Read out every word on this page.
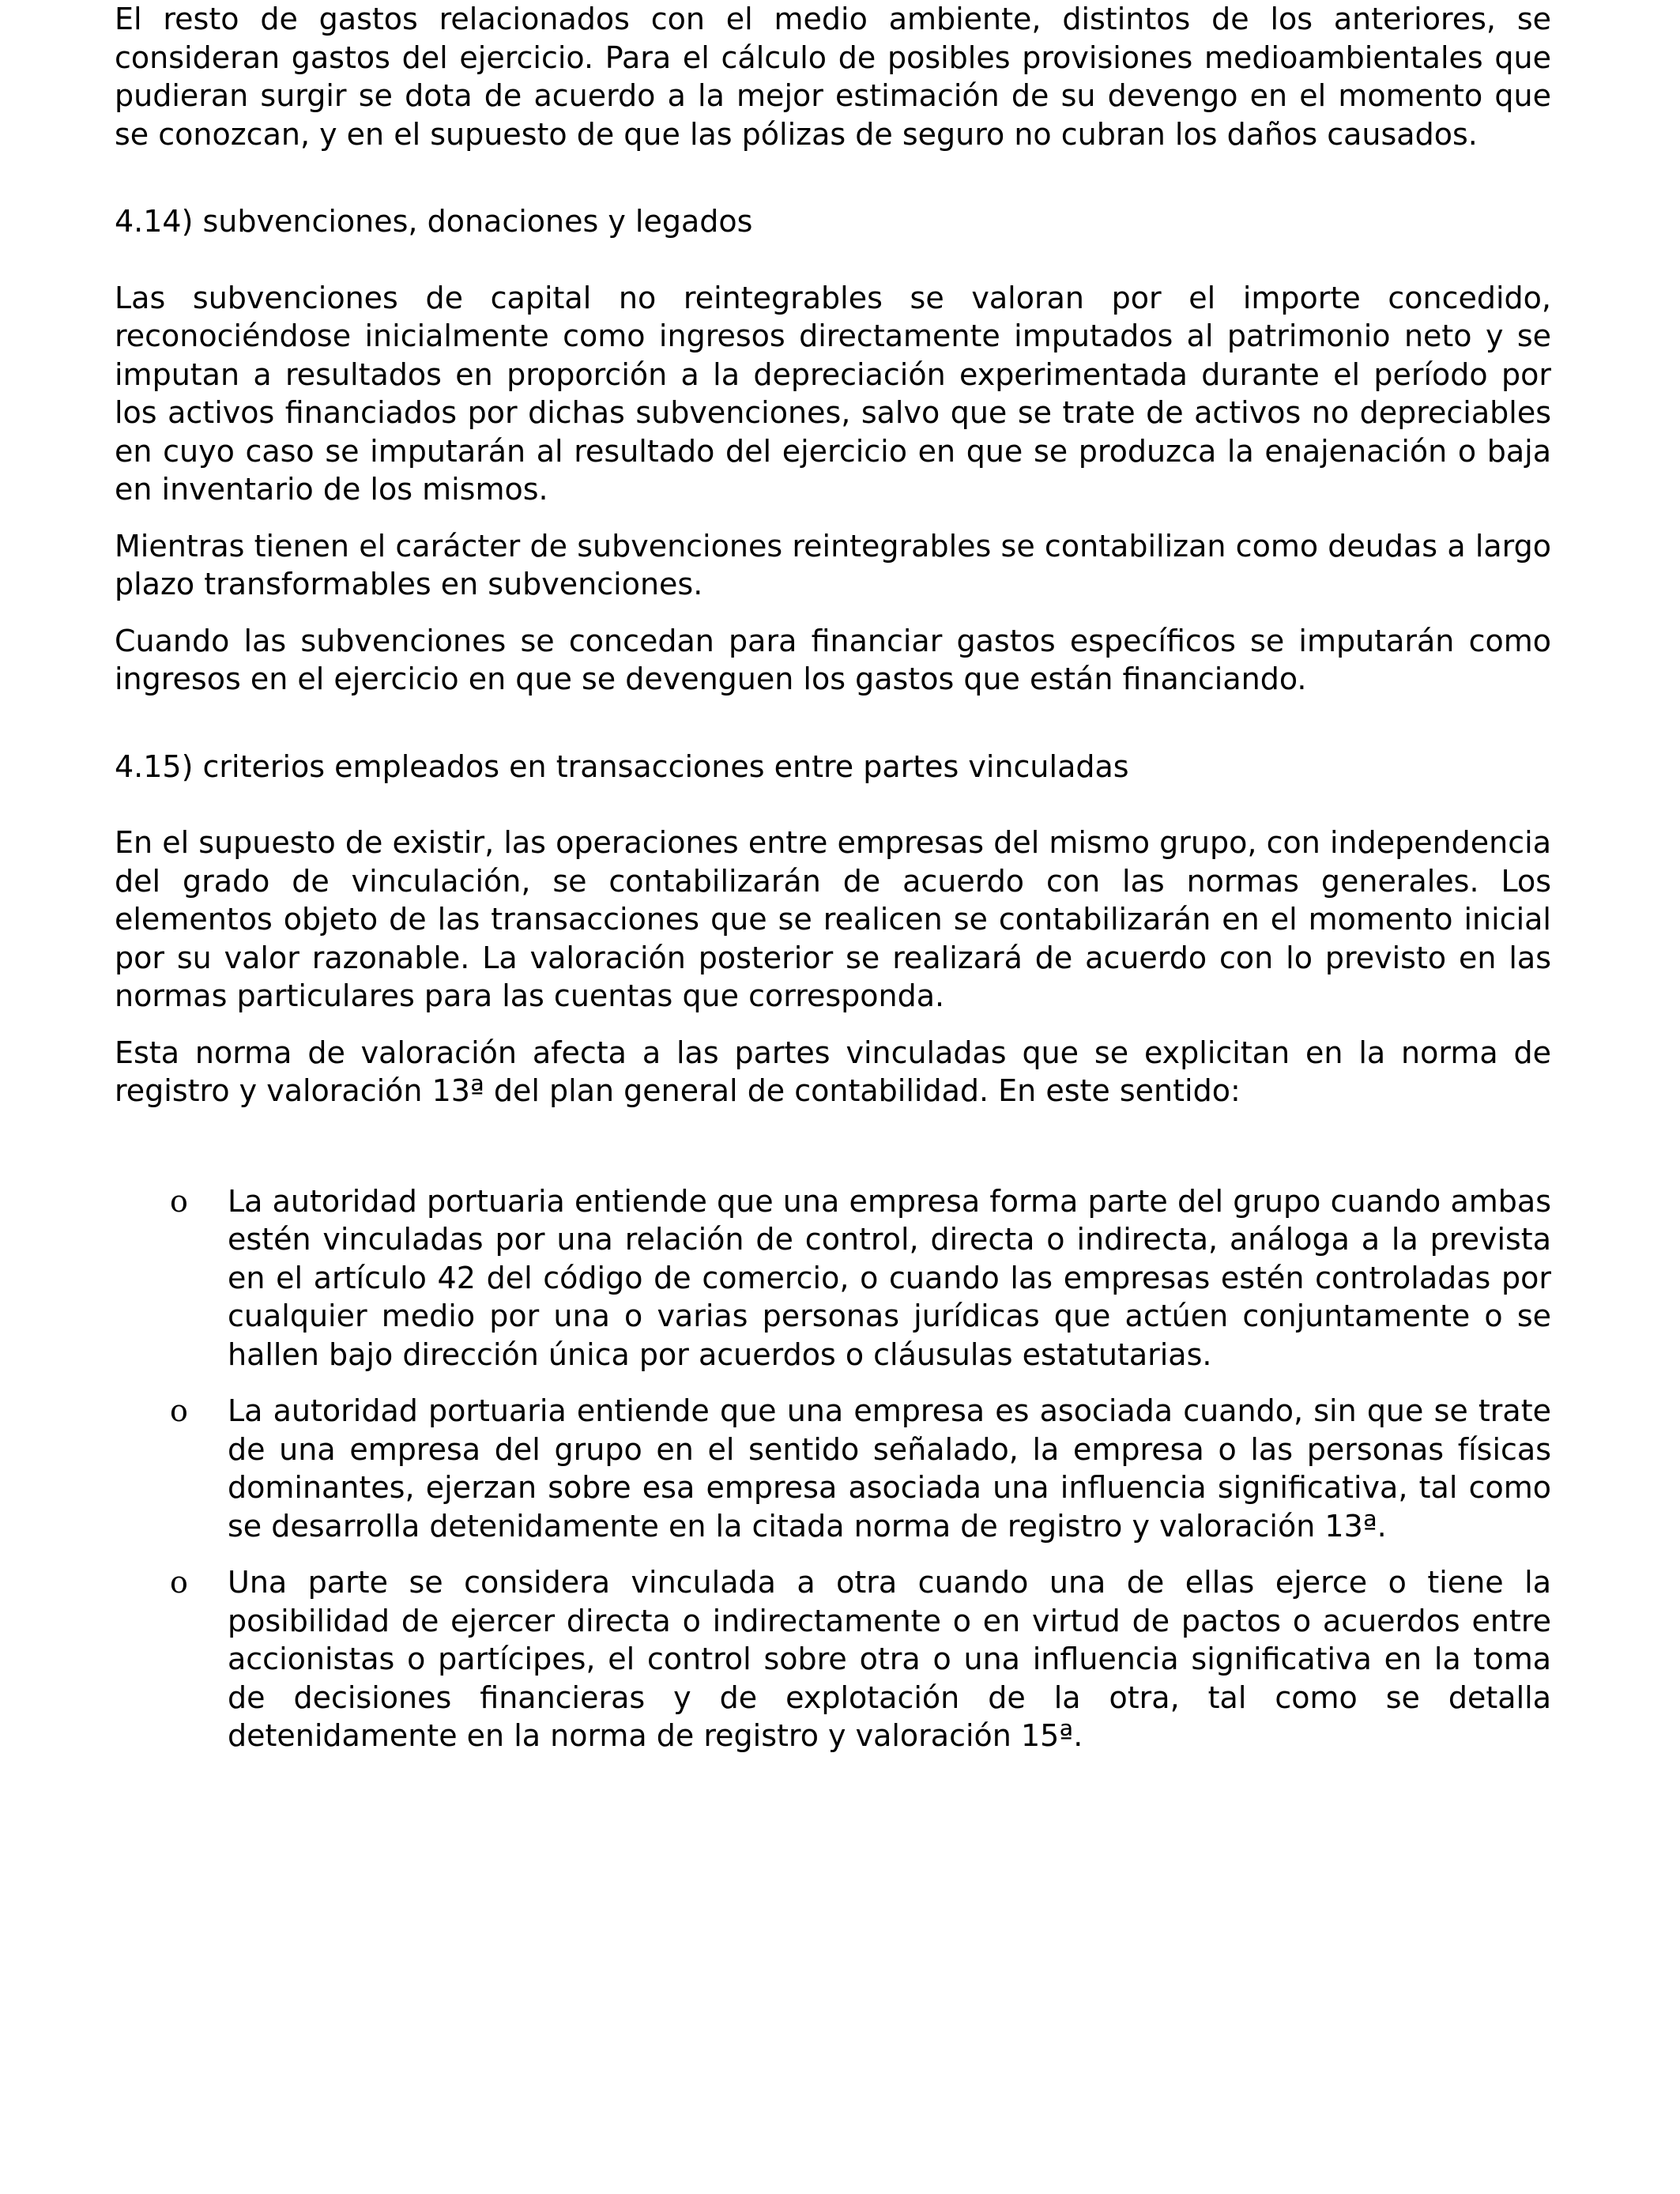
El resto de gastos relacionados con el medio ambiente, distintos de los anteriores, se consideran gastos del ejercicio. Para el cálculo de posibles provisiones medioambientales que pudieran surgir se dota de acuerdo a la mejor estimación de su devengo en el momento que se conozcan, y en el supuesto de que las pólizas de seguro no cubran los daños causados.

4.14) subvenciones, donaciones y legados

Las subvenciones de capital no reintegrables se valoran por el importe concedido, reconociéndose inicialmente como ingresos directamente imputados al patrimonio neto y se imputan a resultados en proporción a la depreciación experimentada durante el período por los activos financiados por dichas subvenciones, salvo que se trate de activos no depreciables en cuyo caso se imputarán al resultado del ejercicio en que se produzca la enajenación o baja en inventario de los mismos.

Mientras tienen el carácter de subvenciones reintegrables se contabilizan como deudas a largo plazo transformables en subvenciones.

Cuando las subvenciones se concedan para financiar gastos específicos se imputarán como ingresos en el ejercicio en que se devenguen los gastos que están financiando.

4.15) criterios empleados en transacciones entre partes vinculadas

En el supuesto de existir, las operaciones entre empresas del mismo grupo, con independencia del grado de vinculación, se contabilizarán de acuerdo con las normas generales. Los elementos objeto de las transacciones que se realicen se contabilizarán en el momento inicial por su valor razonable. La valoración posterior se realizará de acuerdo con lo previsto en las normas particulares para las cuentas que corresponda.

Esta norma de valoración afecta a las partes vinculadas que se explicitan en la norma de registro y valoración 13ª del plan general de contabilidad. En este sentido:

o La autoridad portuaria entiende que una empresa forma parte del grupo cuando ambas estén vinculadas por una relación de control, directa o indirecta, análoga a la prevista en el artículo 42 del código de comercio, o cuando las empresas estén controladas por cualquier medio por una o varias personas jurídicas que actúen conjuntamente o se hallen bajo dirección única por acuerdos o cláusulas estatutarias.

o La autoridad portuaria entiende que una empresa es asociada cuando, sin que se trate de una empresa del grupo en el sentido señalado, la empresa o las personas físicas dominantes, ejerzan sobre esa empresa asociada una influencia significativa, tal como se desarrolla detenidamente en la citada norma de registro y valoración 13ª.

o Una parte se considera vinculada a otra cuando una de ellas ejerce o tiene la posibilidad de ejercer directa o indirectamente o en virtud de pactos o acuerdos entre accionistas o partícipes, el control sobre otra o una influencia significativa en la toma de decisiones financieras y de explotación de la otra, tal como se detalla detenidamente en la norma de registro y valoración 15ª.
